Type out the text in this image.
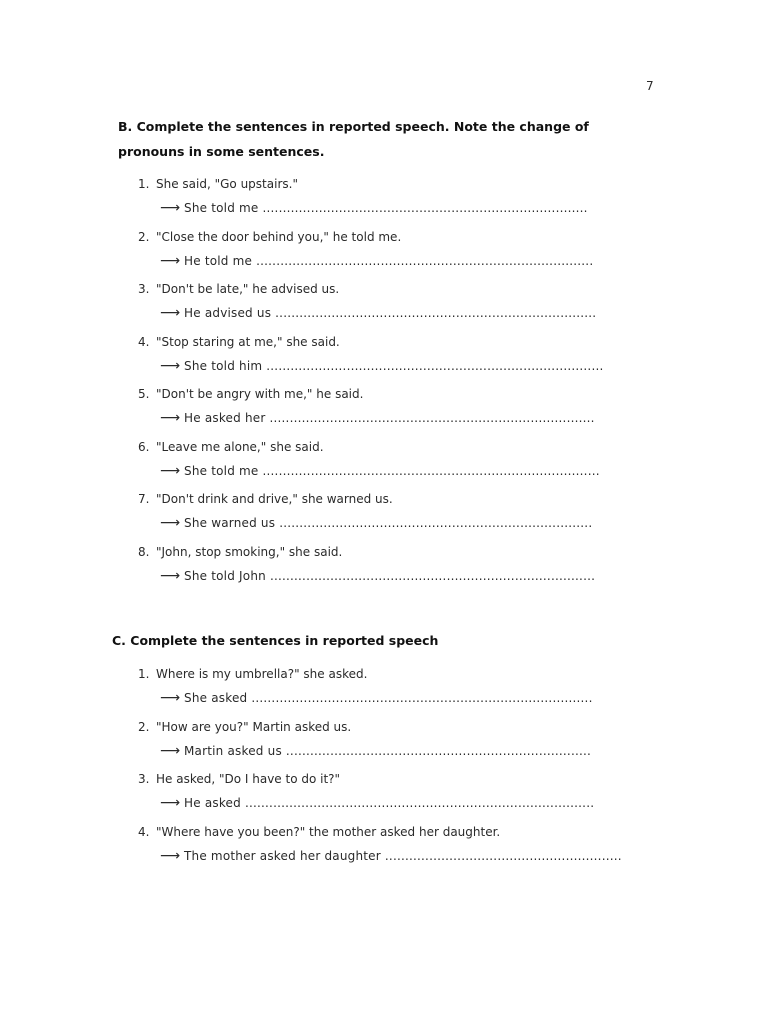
7
B. Complete the sentences in reported speech. Note the change of pronouns in some sentences.
1. She said, "Go upstairs."
⟶ She told me .................................................................................
2. "Close the door behind you," he told me.
⟶ He told me ....................................................................................
3. "Don't be late," he advised us.
⟶ He advised us ................................................................................
4. "Stop staring at me," she said.
⟶ She told him ....................................................................................
5. "Don't be angry with me," he said.
⟶ He asked her .................................................................................
6. "Leave me alone," she said.
⟶ She told me ....................................................................................
7. "Don't drink and drive," she warned us.
⟶ She warned us ..............................................................................
8. "John, stop smoking," she said.
⟶ She told John .................................................................................
C. Complete the sentences in reported speech
1. Where is my umbrella?" she asked.
⟶ She asked .....................................................................................
2. "How are you?" Martin asked us.
⟶ Martin asked us ............................................................................
3. He asked, "Do I have to do it?"
⟶ He asked .......................................................................................
4. "Where have you been?" the mother asked her daughter.
⟶ The mother asked her daughter ...........................................................
